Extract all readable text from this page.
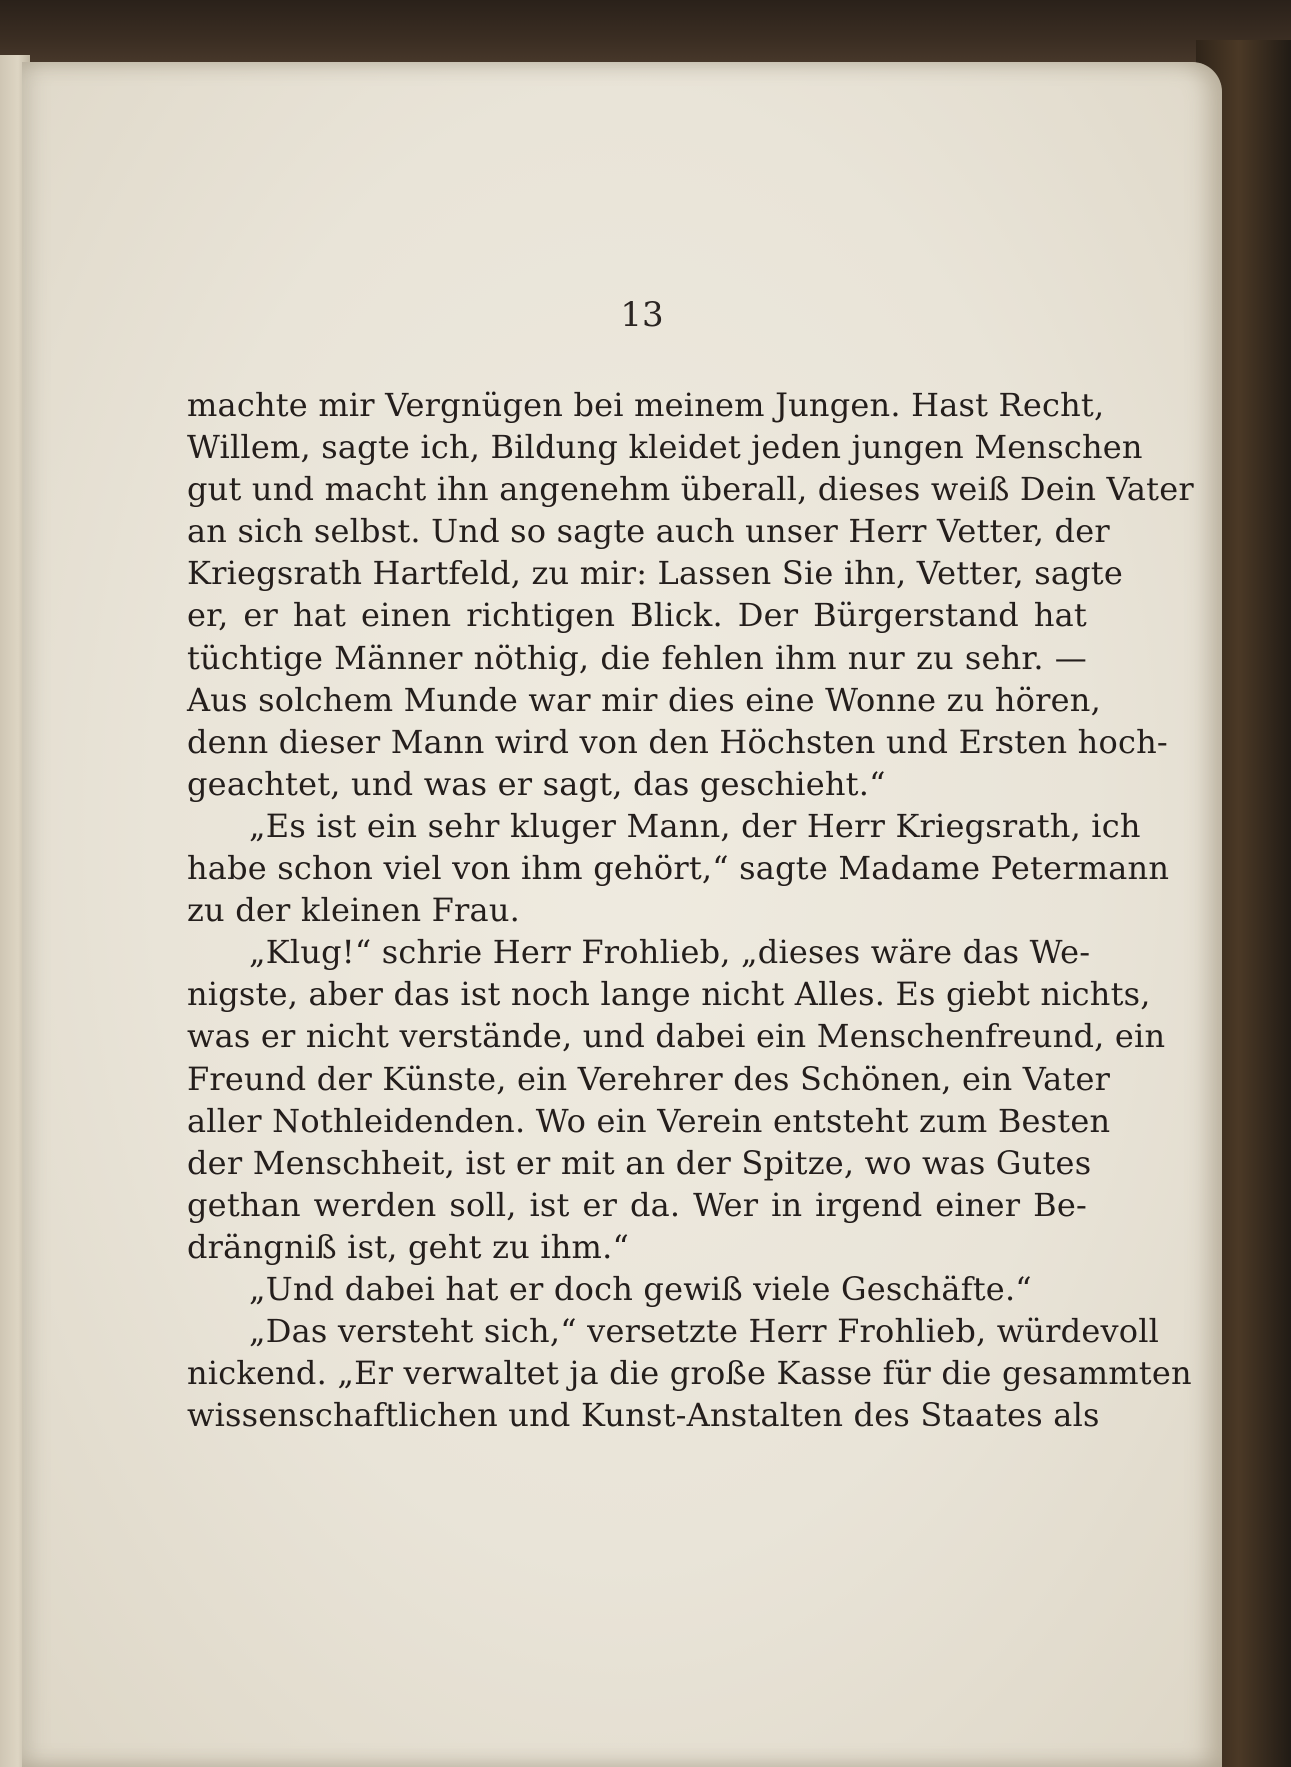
13
machte mir Vergnügen bei meinem Jungen. Hast Recht,
Willem, sagte ich, Bildung kleidet jeden jungen Menschen
gut und macht ihn angenehm überall, dieses weiß Dein Vater
an sich selbst. Und so sagte auch unser Herr Vetter, der
Kriegsrath Hartfeld, zu mir: Lassen Sie ihn, Vetter, sagte
er, er hat einen richtigen Blick. Der Bürgerstand hat
tüchtige Männer nöthig, die fehlen ihm nur zu sehr. —
Aus solchem Munde war mir dies eine Wonne zu hören,
denn dieser Mann wird von den Höchsten und Ersten hoch-
geachtet, und was er sagt, das geschieht.“
„Es ist ein sehr kluger Mann, der Herr Kriegsrath, ich
habe schon viel von ihm gehört,“ sagte Madame Petermann
zu der kleinen Frau.
„Klug!“ schrie Herr Frohlieb, „dieses wäre das We-
nigste, aber das ist noch lange nicht Alles. Es giebt nichts,
was er nicht verstände, und dabei ein Menschenfreund, ein
Freund der Künste, ein Verehrer des Schönen, ein Vater
aller Nothleidenden. Wo ein Verein entsteht zum Besten
der Menschheit, ist er mit an der Spitze, wo was Gutes
gethan werden soll, ist er da. Wer in irgend einer Be-
drängniß ist, geht zu ihm.“
„Und dabei hat er doch gewiß viele Geschäfte.“
„Das versteht sich,“ versetzte Herr Frohlieb, würdevoll
nickend. „Er verwaltet ja die große Kasse für die gesammten
wissenschaftlichen und Kunst-Anstalten des Staates als
